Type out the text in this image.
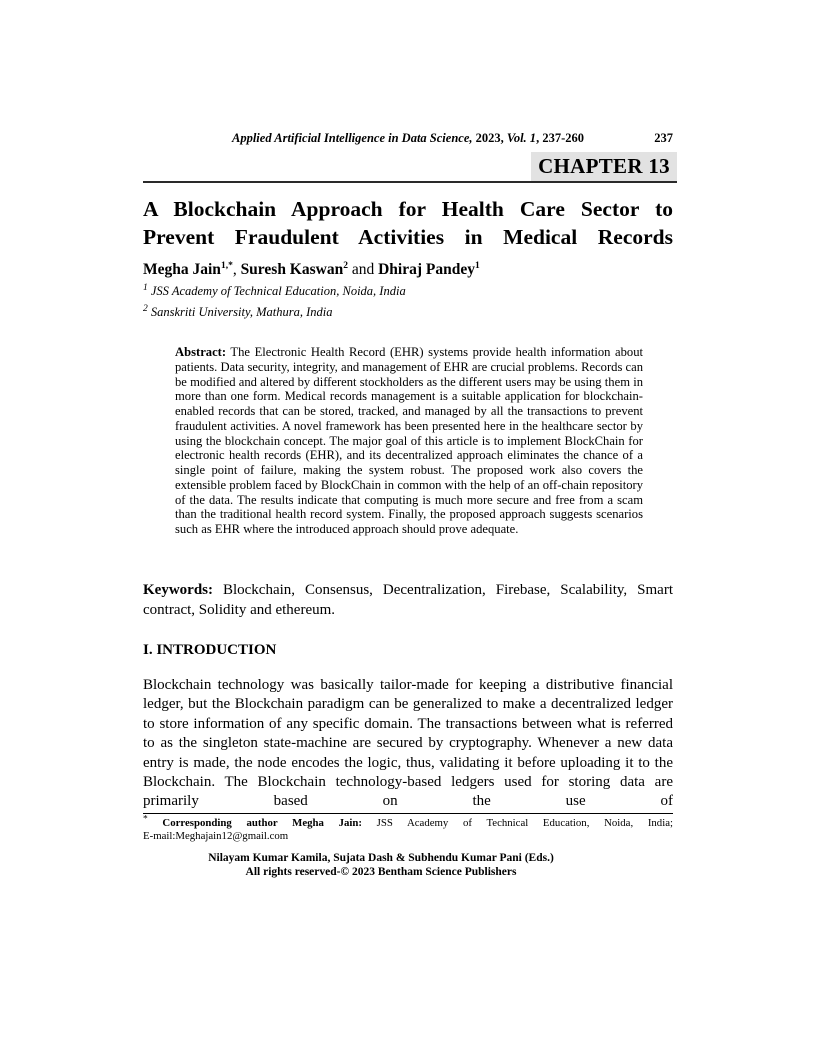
Applied Artificial Intelligence in Data Science, 2023, Vol. 1, 237-260	237
CHAPTER 13
A Blockchain Approach for Health Care Sector to
Prevent Fraudulent Activities in Medical Records
Megha Jain$^{1,*}$, Suresh Kaswan$^2$ and Dhiraj Pandey$^1$
$^1$ JSS Academy of Technical Education, Noida, India
$^2$ Sanskriti University, Mathura, India
Abstract: The Electronic Health Record (EHR) systems provide health information about patients. Data security, integrity, and management of EHR are crucial problems. Records can be modified and altered by different stockholders as the different users may be using them in more than one form. Medical records management is a suitable application for blockchain-enabled records that can be stored, tracked, and managed by all the transactions to prevent fraudulent activities. A novel framework has been presented here in the healthcare sector by using the blockchain concept. The major goal of this article is to implement BlockChain for electronic health records (EHR), and its decentralized approach eliminates the chance of a single point of failure, making the system robust. The proposed work also covers the extensible problem faced by BlockChain in common with the help of an off-chain repository of the data. The results indicate that computing is much more secure and free from a scam than the traditional health record system. Finally, the proposed approach suggests scenarios such as EHR where the introduced approach should prove adequate.
Keywords: Blockchain, Consensus, Decentralization, Firebase, Scalability, Smart contract, Solidity and ethereum.
I. INTRODUCTION
Blockchain technology was basically tailor-made for keeping a distributive financial ledger, but the Blockchain paradigm can be generalized to make a decentralized ledger to store information of any specific domain. The transactions between what is referred to as the singleton state-machine are secured by cryptography. Whenever a new data entry is made, the node encodes the logic, thus, validating it before uploading it to the Blockchain. The Blockchain technology-based ledgers used for storing data are primarily based on the use of
* Corresponding author Megha Jain: JSS Academy of Technical Education, Noida, India;
E-mail:Meghajain12@gmail.com
Nilayam Kumar Kamila, Sujata Dash & Subhendu Kumar Pani (Eds.)
All rights reserved-© 2023 Bentham Science Publishers
